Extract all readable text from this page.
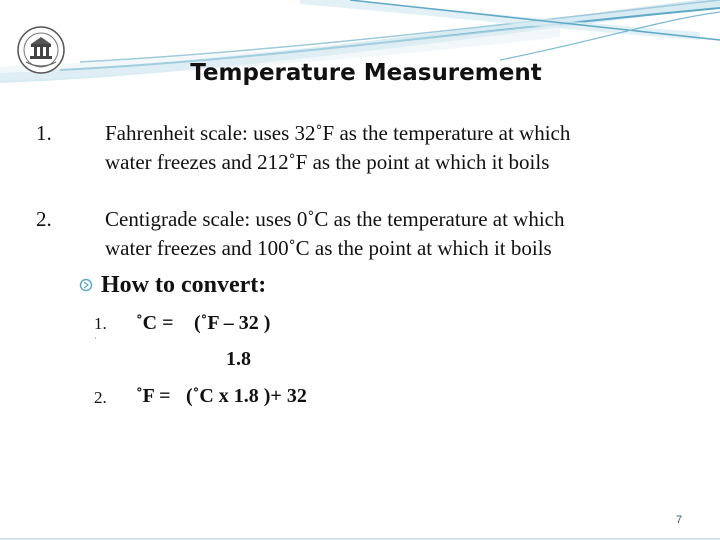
Temperature Measurement
1.	Fahrenheit scale: uses 32˚F as the temperature at which
water freezes and 212˚F as the point at which it boils
2.	Centigrade scale: uses 0˚C as the temperature at which
water freezes and 100˚C as the point at which it boils
How to convert:
1.
·
˚C = (˚F – 32 )
1.8
2. ˚F = (˚C x 1.8 )+ 32
7
